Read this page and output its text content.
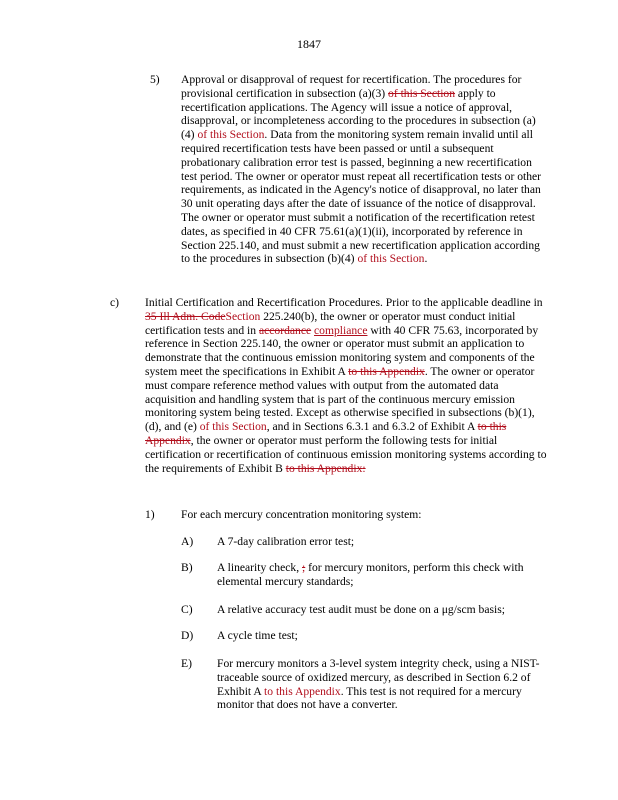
1847
5) Approval or disapproval of request for recertification. The procedures for provisional certification in subsection (a)(3) of this Section apply to recertification applications. The Agency will issue a notice of approval, disapproval, or incompleteness according to the procedures in subsection (a)(4) of this Section. Data from the monitoring system remain invalid until all required recertification tests have been passed or until a subsequent probationary calibration error test is passed, beginning a new recertification test period. The owner or operator must repeat all recertification tests or other requirements, as indicated in the Agency's notice of disapproval, no later than 30 unit operating days after the date of issuance of the notice of disapproval. The owner or operator must submit a notification of the recertification retest dates, as specified in 40 CFR 75.61(a)(1)(ii), incorporated by reference in Section 225.140, and must submit a new recertification application according to the procedures in subsection (b)(4) of this Section.
c) Initial Certification and Recertification Procedures. Prior to the applicable deadline in 35 Ill Adm. CodeSection 225.240(b), the owner or operator must conduct initial certification tests and in accordance compliance with 40 CFR 75.63, incorporated by reference in Section 225.140, the owner or operator must submit an application to demonstrate that the continuous emission monitoring system and components of the system meet the specifications in Exhibit A to this Appendix. The owner or operator must compare reference method values with output from the automated data acquisition and handling system that is part of the continuous mercury emission monitoring system being tested. Except as otherwise specified in subsections (b)(1), (d), and (e) of this Section, and in Sections 6.3.1 and 6.3.2 of Exhibit A to this Appendix, the owner or operator must perform the following tests for initial certification or recertification of continuous emission monitoring systems according to the requirements of Exhibit B to this Appendix:
1) For each mercury concentration monitoring system:
A) A 7-day calibration error test;
B) A linearity check, ; for mercury monitors, perform this check with elemental mercury standards;
C) A relative accuracy test audit must be done on a μg/scm basis;
D) A cycle time test;
E) For mercury monitors a 3-level system integrity check, using a NIST-traceable source of oxidized mercury, as described in Section 6.2 of Exhibit A to this Appendix. This test is not required for a mercury monitor that does not have a converter.
